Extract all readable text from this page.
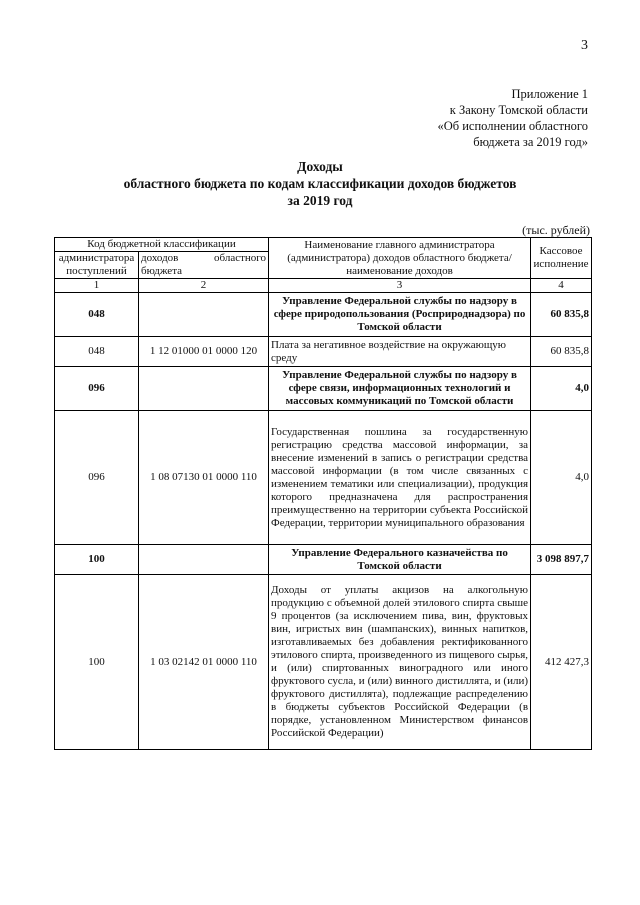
3
Приложение 1
к Закону Томской области
«Об исполнении областного
бюджета за 2019 год»
Доходы
областного бюджета по кодам классификации доходов бюджетов
за 2019 год
(тыс. рублей)
Код бюджетной классификации		Наименование главного администратора (администратора) доходов областного бюджета/ наименование доходов	Кассовое исполнение
администратора поступлений	доходов областного бюджета		
1	2	3	4
048		Управление Федеральной службы по надзору в сфере природопользования (Росприроднадзора) по Томской области	60 835,8
048	1 12 01000 01 0000 120	Плата за негативное воздействие на окружающую среду	60 835,8
096		Управление Федеральной службы по надзору в сфере связи, информационных технологий и массовых коммуникаций по Томской области	4,0
096	1 08 07130 01 0000 110	Государственная пошлина за государственную регистрацию средства массовой информации, за внесение изменений в запись о регистрации средства массовой информации (в том числе связанных с изменением тематики или специализации), продукция которого предназначена для распространения преимущественно на территории субъекта Российской Федерации, территории муниципального образования	4,0
100		Управление Федерального казначейства по Томской области	3 098 897,7
100	1 03 02142 01 0000 110	Доходы от уплаты акцизов на алкогольную продукцию с объемной долей этилового спирта свыше 9 процентов (за исключением пива, вин, фруктовых вин, игристых вин (шампанских), винных напитков, изготавливаемых без добавления ректификованного этилового спирта, произведенного из пищевого сырья, и (или) спиртованных виноградного или иного фруктового сусла, и (или) винного дистиллята, и (или) фруктового дистиллята), подлежащие распределению в бюджеты субъектов Российской Федерации (в порядке, установленном Министерством финансов Российской Федерации)	412 427,3
